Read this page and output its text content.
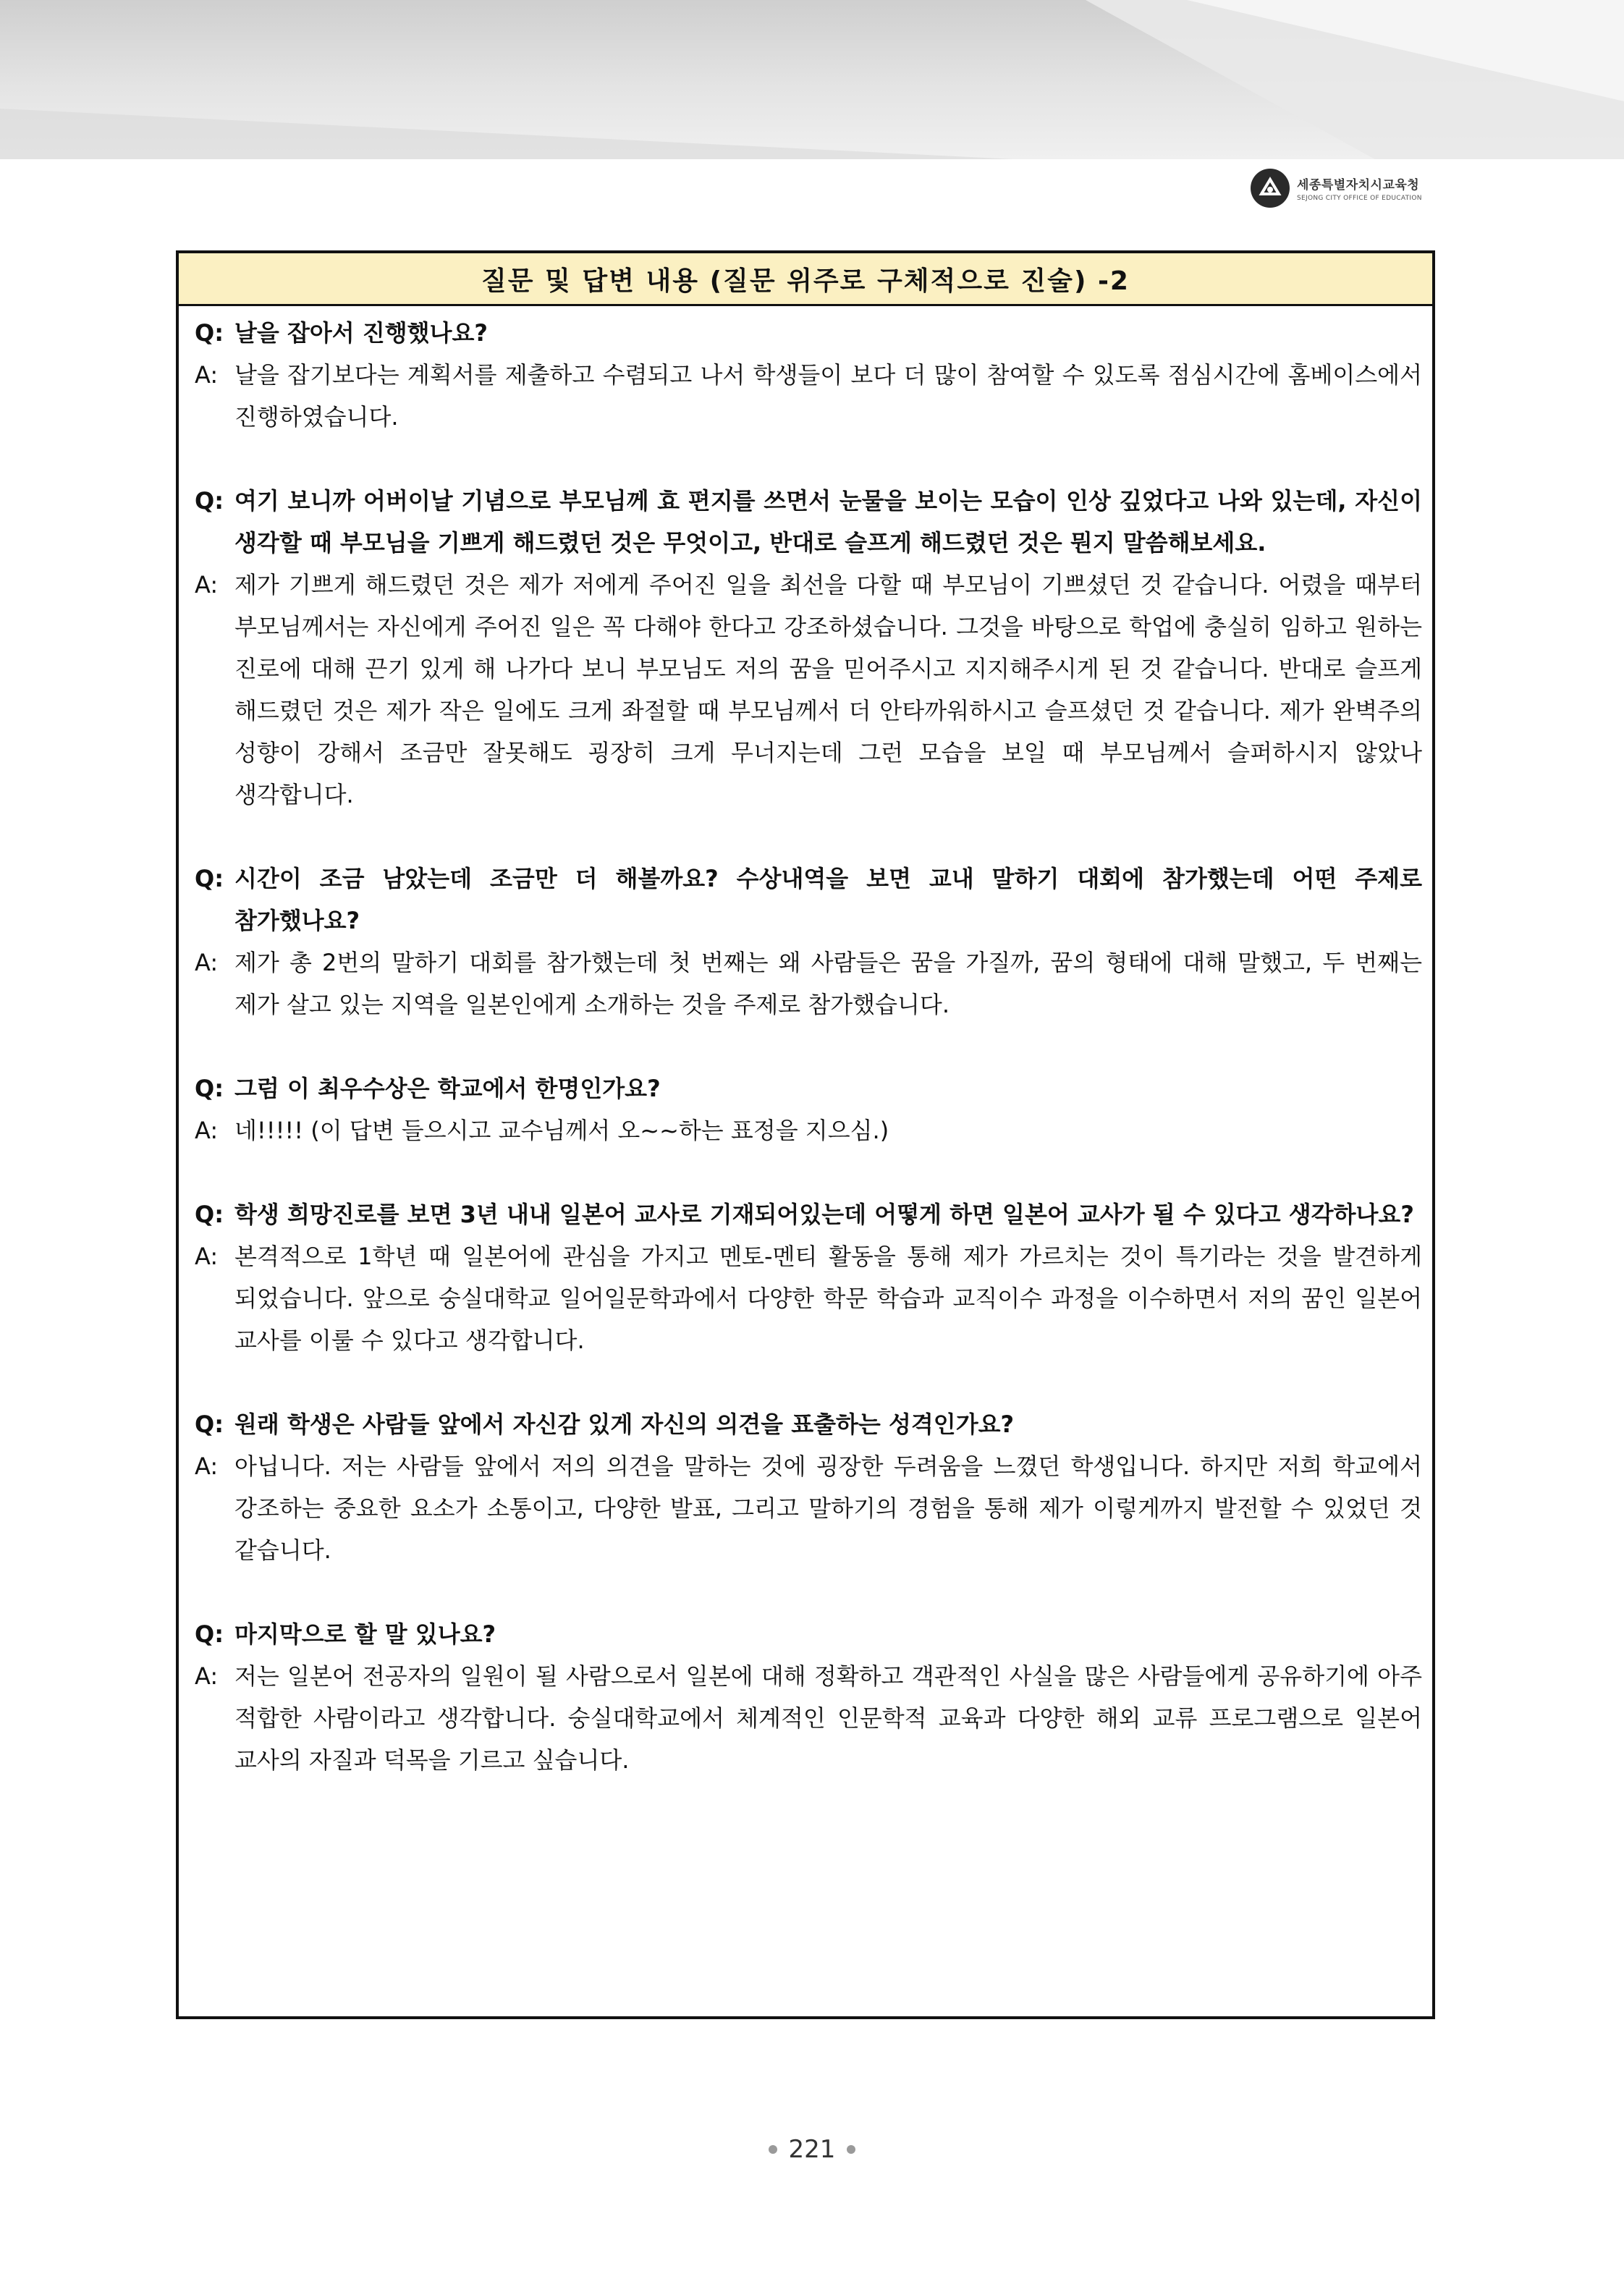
세종특별자치시교육청
SEJONG CITY OFFICE OF EDUCATION
질문 및 답변 내용 (질문 위주로 구체적으로 진술) -2
Q: 날을 잡아서 진행했나요?
A: 날을 잡기보다는 계획서를 제출하고 수렴되고 나서 학생들이 보다 더 많이 참여할 수 있도록 점심시간에 홈베이스에서 진행하였습니다.
Q: 여기 보니까 어버이날 기념으로 부모님께 효 편지를 쓰면서 눈물을 보이는 모습이 인상 깊었다고 나와 있는데, 자신이 생각할 때 부모님을 기쁘게 해드렸던 것은 무엇이고, 반대로 슬프게 해드렸던 것은 뭔지 말씀해보세요.
A: 제가 기쁘게 해드렸던 것은 제가 저에게 주어진 일을 최선을 다할 때 부모님이 기쁘셨던 것 같습니다. 어렸을 때부터 부모님께서는 자신에게 주어진 일은 꼭 다해야 한다고 강조하셨습니다. 그것을 바탕으로 학업에 충실히 임하고 원하는 진로에 대해 끈기 있게 해 나가다 보니 부모님도 저의 꿈을 믿어주시고 지지해주시게 된 것 같습니다. 반대로 슬프게 해드렸던 것은 제가 작은 일에도 크게 좌절할 때 부모님께서 더 안타까워하시고 슬프셨던 것 같습니다. 제가 완벽주의 성향이 강해서 조금만 잘못해도 굉장히 크게 무너지는데 그런 모습을 보일 때 부모님께서 슬퍼하시지 않았나 생각합니다.
Q: 시간이 조금 남았는데 조금만 더 해볼까요? 수상내역을 보면 교내 말하기 대회에 참가했는데 어떤 주제로 참가했나요?
A: 제가 총 2번의 말하기 대회를 참가했는데 첫 번째는 왜 사람들은 꿈을 가질까, 꿈의 형태에 대해 말했고, 두 번째는 제가 살고 있는 지역을 일본인에게 소개하는 것을 주제로 참가했습니다.
Q: 그럼 이 최우수상은 학교에서 한명인가요?
A: 네!!!!! (이 답변 들으시고 교수님께서 오~~하는 표정을 지으심.)
Q: 학생 희망진로를 보면 3년 내내 일본어 교사로 기재되어있는데 어떻게 하면 일본어 교사가 될 수 있다고 생각하나요?
A: 본격적으로 1학년 때 일본어에 관심을 가지고 멘토-멘티 활동을 통해 제가 가르치는 것이 특기라는 것을 발견하게 되었습니다. 앞으로 숭실대학교 일어일문학과에서 다양한 학문 학습과 교직이수 과정을 이수하면서 저의 꿈인 일본어 교사를 이룰 수 있다고 생각합니다.
Q: 원래 학생은 사람들 앞에서 자신감 있게 자신의 의견을 표출하는 성격인가요?
A: 아닙니다. 저는 사람들 앞에서 저의 의견을 말하는 것에 굉장한 두려움을 느꼈던 학생입니다. 하지만 저희 학교에서 강조하는 중요한 요소가 소통이고, 다양한 발표, 그리고 말하기의 경험을 통해 제가 이렇게까지 발전할 수 있었던 것 같습니다.
Q: 마지막으로 할 말 있나요?
A: 저는 일본어 전공자의 일원이 될 사람으로서 일본에 대해 정확하고 객관적인 사실을 많은 사람들에게 공유하기에 아주 적합한 사람이라고 생각합니다. 숭실대학교에서 체계적인 인문학적 교육과 다양한 해외 교류 프로그램으로 일본어 교사의 자질과 덕목을 기르고 싶습니다.
221
